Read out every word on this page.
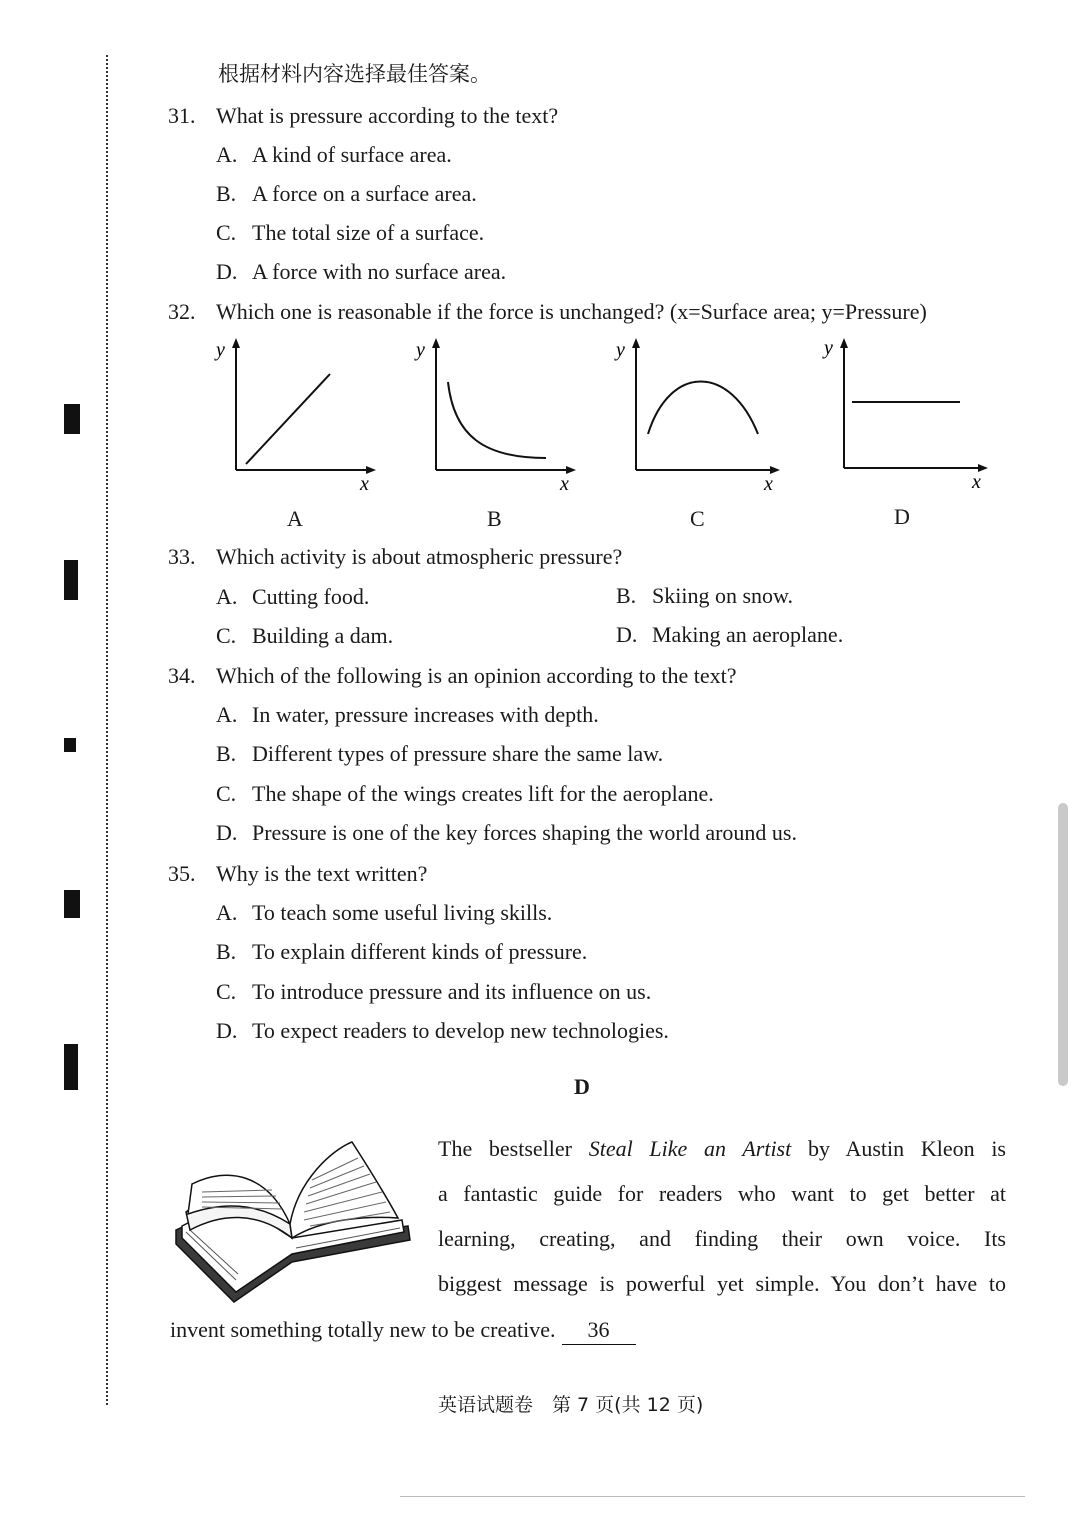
根据材料内容选择最佳答案。
31. What is pressure according to the text?
A. A kind of surface area.
B. A force on a surface area.
C. The total size of a surface.
D. A force with no surface area.
32. Which one is reasonable if the force is unchanged? (x=Surface area; y=Pressure)
y
x
A
y
x
B
y
x
C
y
x
D
33. Which activity is about atmospheric pressure?
A. Cutting food.	B. Skiing on snow.
C. Building a dam.	D. Making an aeroplane.
34. Which of the following is an opinion according to the text?
A. In water, pressure increases with depth.
B. Different types of pressure share the same law.
C. The shape of the wings creates lift for the aeroplane.
D. Pressure is one of the key forces shaping the world around us.
35. Why is the text written?
A. To teach some useful living skills.
B. To explain different kinds of pressure.
C. To introduce pressure and its influence on us.
D. To expect readers to develop new technologies.
D
The bestseller Steal Like an Artist by Austin Kleon is
a fantastic guide for readers who want to get better at
learning, creating, and finding their own voice. Its
biggest message is powerful yet simple. You don’t have to
invent something totally new to be creative. 36
英语试题卷　第 7 页(共 12 页)
